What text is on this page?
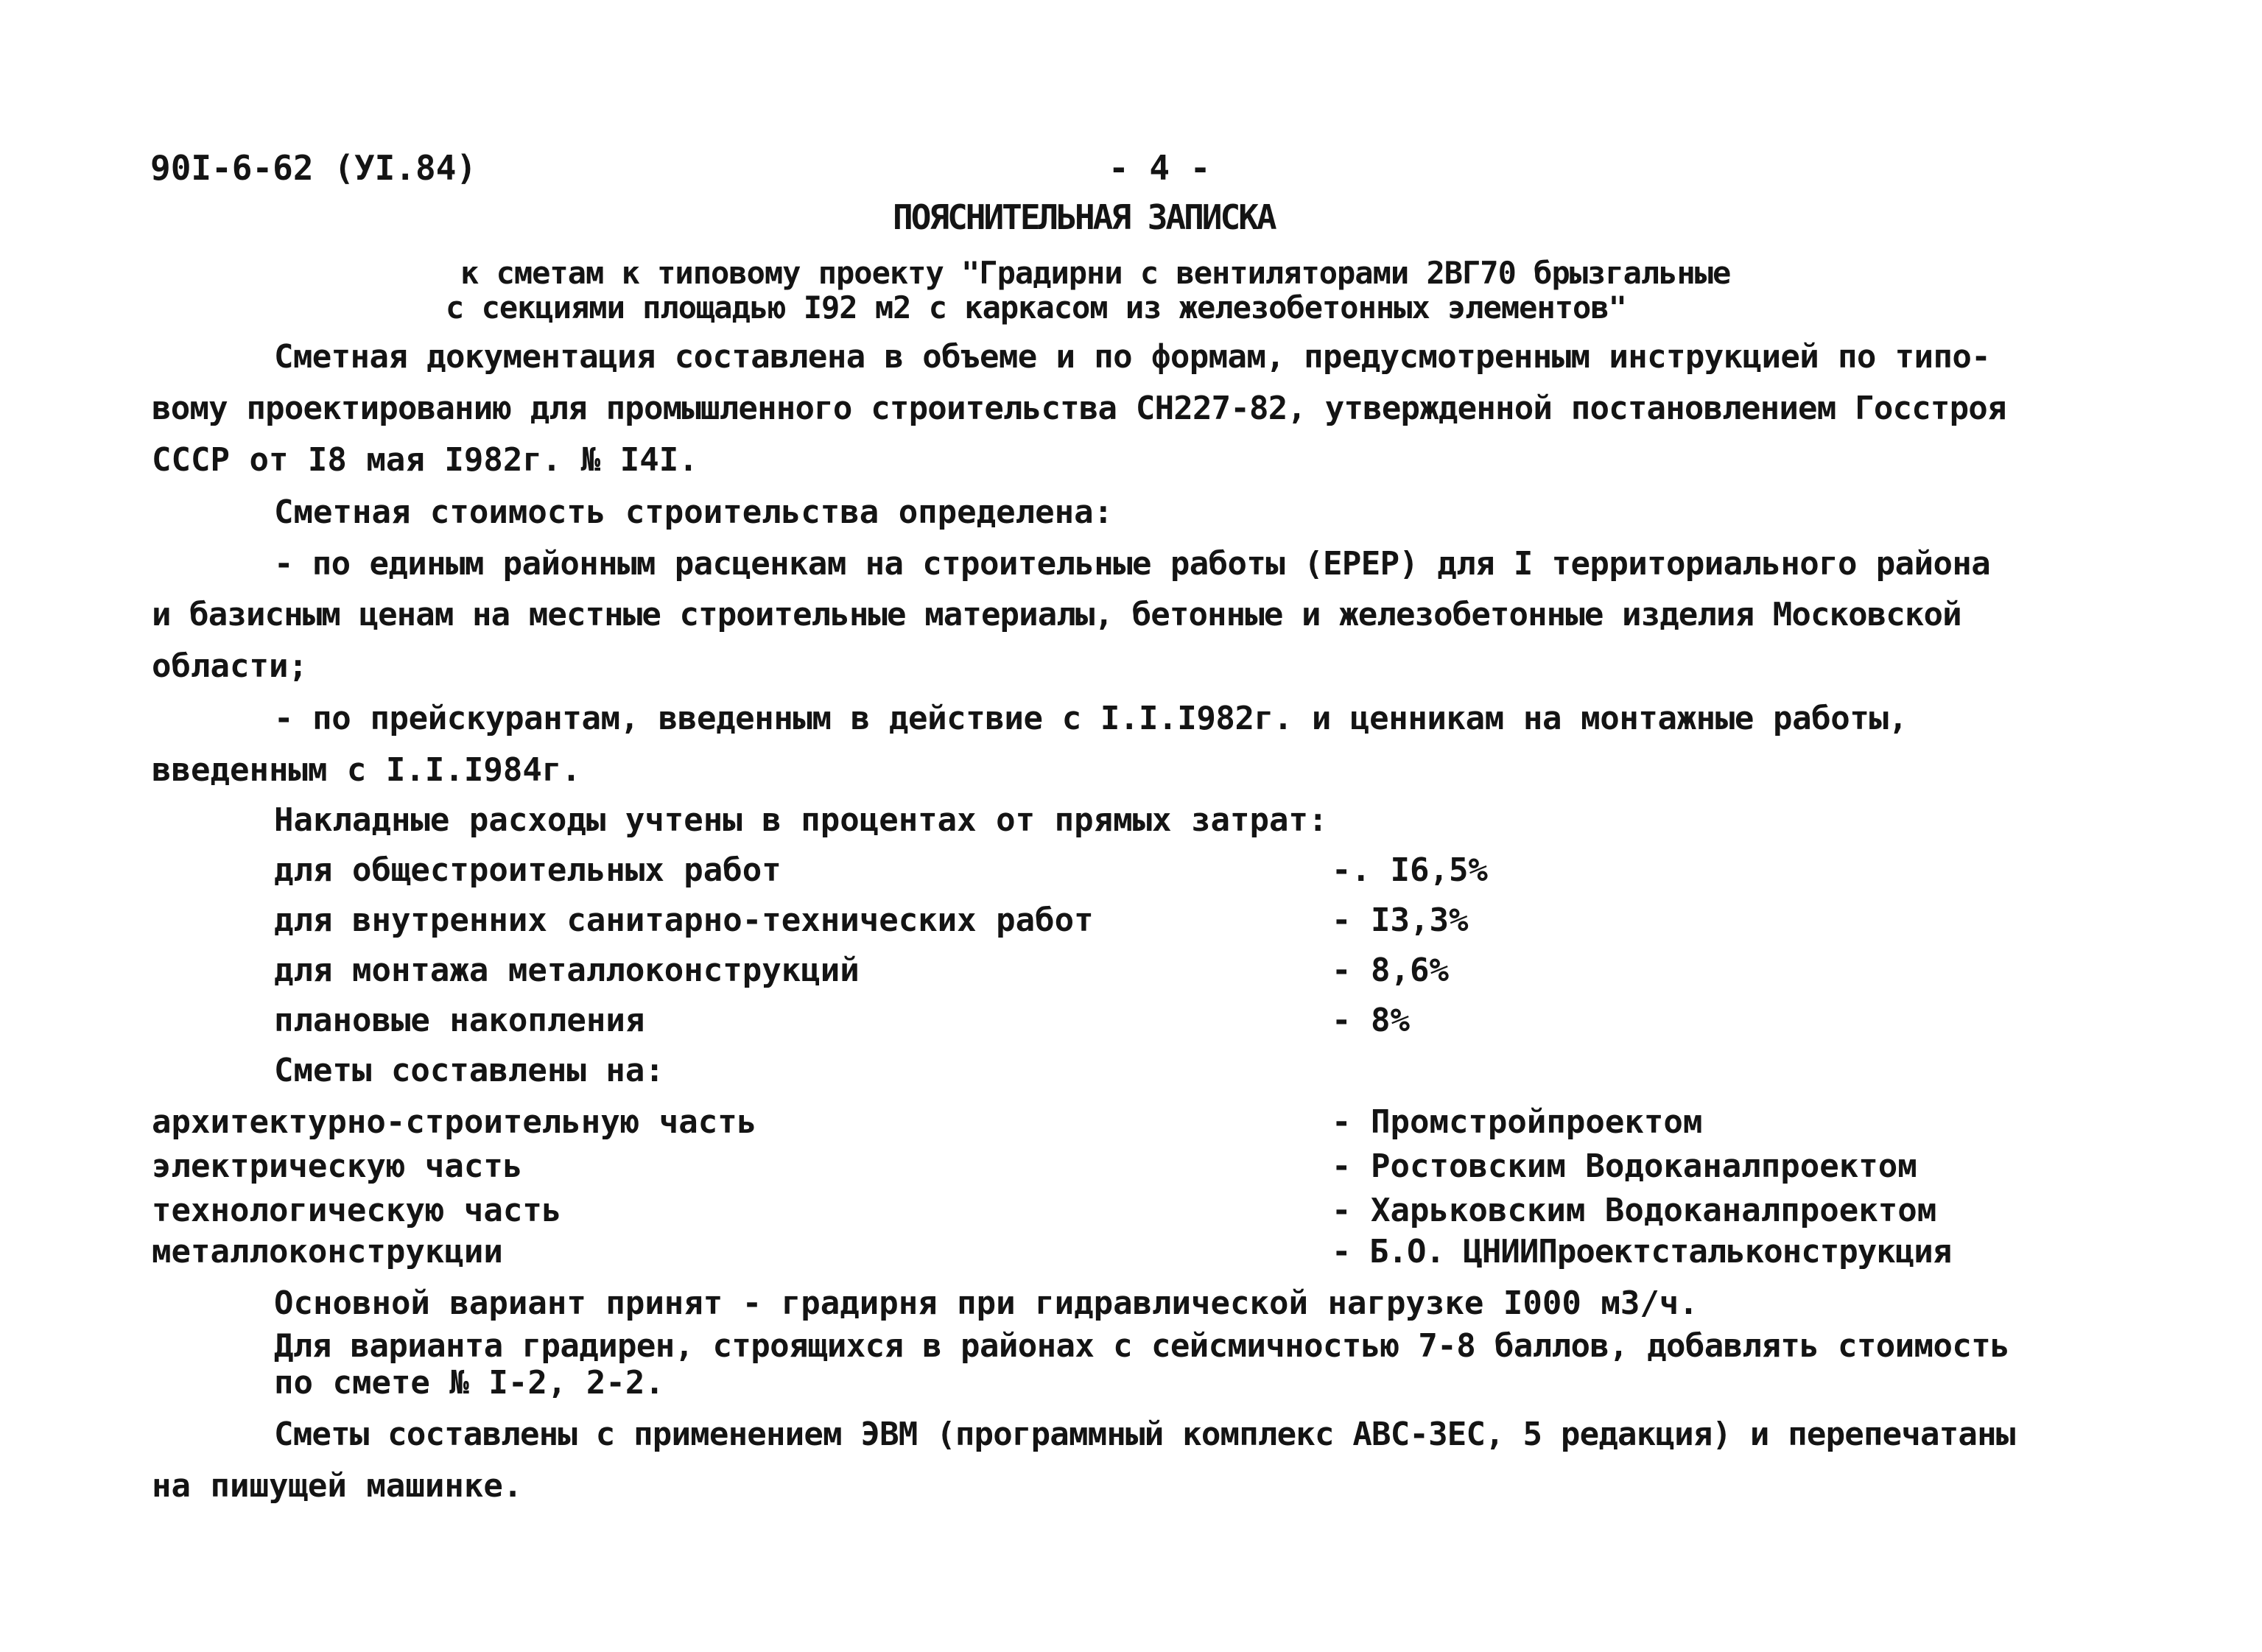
90I-6-62 (УI.84)	- 4 -
ПОЯСНИТЕЛЬНАЯ ЗАПИСКА
к сметам к типовому проекту "Градирни с вентиляторами 2ВГ70 брызгальные
с секциями площадью I92 м2 с каркасом из железобетонных элементов"
Сметная документация составлена в объеме и по формам, предусмотренным инструкцией по типо-
вому проектированию для промышленного строительства СН227-82, утвержденной постановлением Госстроя
СССР от I8 мая I982г. № I4I.
Сметная стоимость строительства определена:
- по единым районным расценкам на строительные работы (ЕРЕР) для I территориального района
и базисным ценам на местные строительные материалы, бетонные и железобетонные изделия Московской
области;
- по прейскурантам, введенным в действие с I.I.I982г. и ценникам на монтажные работы,
введенным с I.I.I984г.
Накладные расходы учтены в процентах от прямых затрат:
для общестроительных работ	-. I6,5%
для внутренних санитарно-технических работ	- I3,3%
для монтажа металлоконструкций	- 8,6%
плановые накопления	- 8%
Сметы составлены на:
архитектурно-строительную часть	- Промстройпроектом
электрическую часть	- Ростовским Водоканалпроектом
технологическую часть	- Харьковским Водоканалпроектом
металлоконструкции	- Б.О. ЦНИИПроектстальконструкция
Основной вариант принят - градирня при гидравлической нагрузке I000 м3/ч.
Для варианта градирен, строящихся в районах с сейсмичностью 7-8 баллов, добавлять стоимость
по смете № I-2, 2-2.
Сметы составлены с применением ЭВМ (программный комплекс АВС-ЗЕС, 5 редакция) и перепечатаны
на пишущей машинке.
